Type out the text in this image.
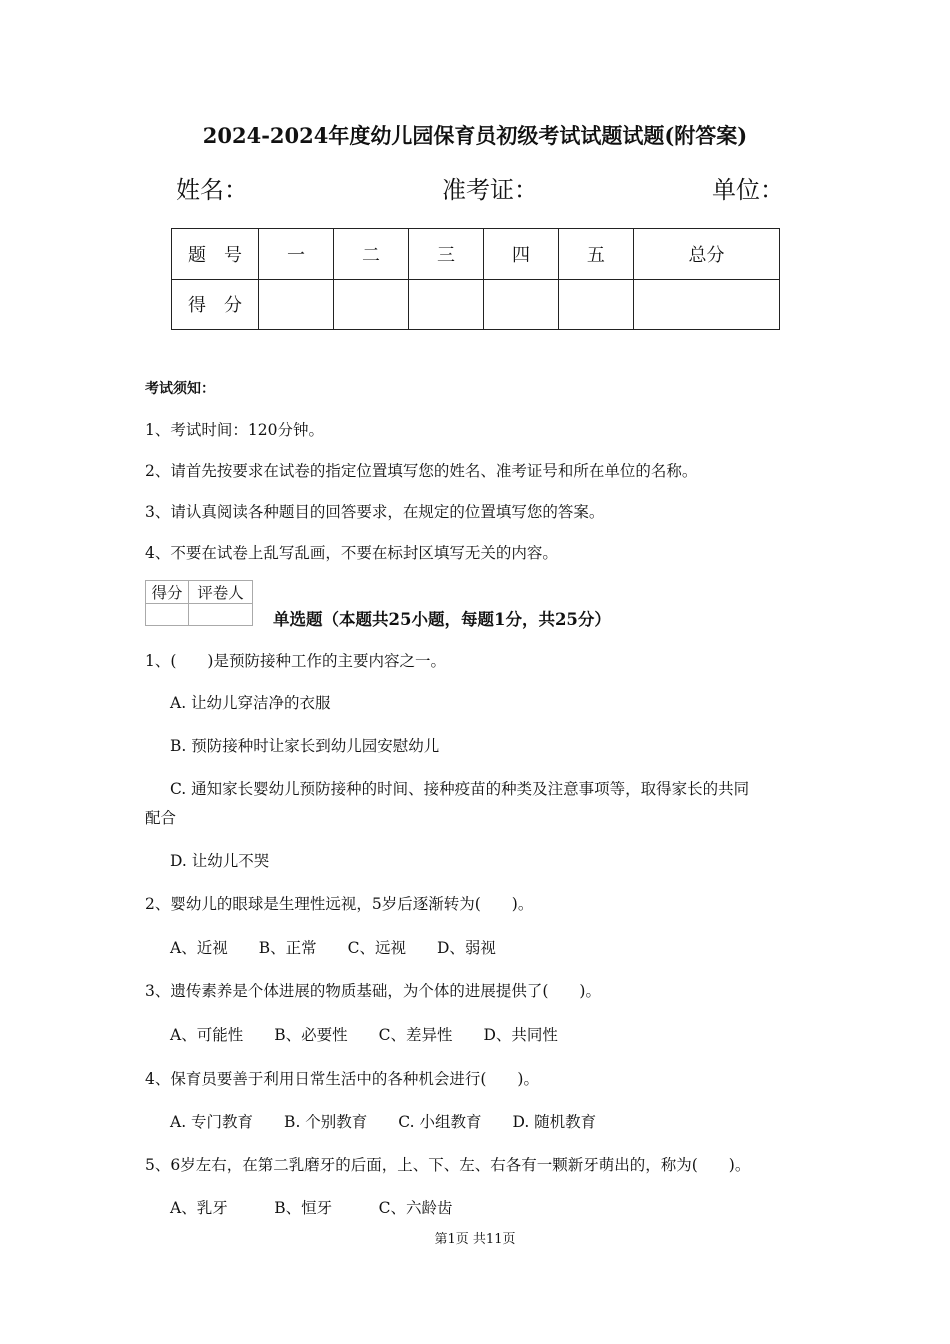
2024-2024年度幼儿园保育员初级考试试题试题(附答案)
姓名：	准考证：	单位：
题　号	一	二	三	四	五	总分
得　分						
考试须知：
1、考试时间：120分钟。
2、请首先按要求在试卷的指定位置填写您的姓名、准考证号和所在单位的名称。
3、请认真阅读各种题目的回答要求，在规定的位置填写您的答案。
4、不要在试卷上乱写乱画，不要在标封区填写无关的内容。
得分	评卷人

单选题（本题共25小题，每题1分，共25分）
1、(　　)是预防接种工作的主要内容之一。
A. 让幼儿穿洁净的衣服
B. 预防接种时让家长到幼儿园安慰幼儿
C. 通知家长婴幼儿预防接种的时间、接种疫苗的种类及注意事项等，取得家长的共同
配合
D. 让幼儿不哭
2、婴幼儿的眼球是生理性远视，5岁后逐渐转为(　　)。
A、近视　　B、正常　　C、远视　　D、弱视
3、遗传素养是个体进展的物质基础，为个体的进展提供了(　　)。
A、可能性　　B、必要性　　C、差异性　　D、共同性
4、保育员要善于利用日常生活中的各种机会进行(　　)。
A. 专门教育　　B. 个别教育　　C. 小组教育　　D. 随机教育
5、6岁左右，在第二乳磨牙的后面，上、下、左、右各有一颗新牙萌出的，称为(　　)。
A、乳牙　　　B、恒牙　　　C、六龄齿
第1页 共11页
